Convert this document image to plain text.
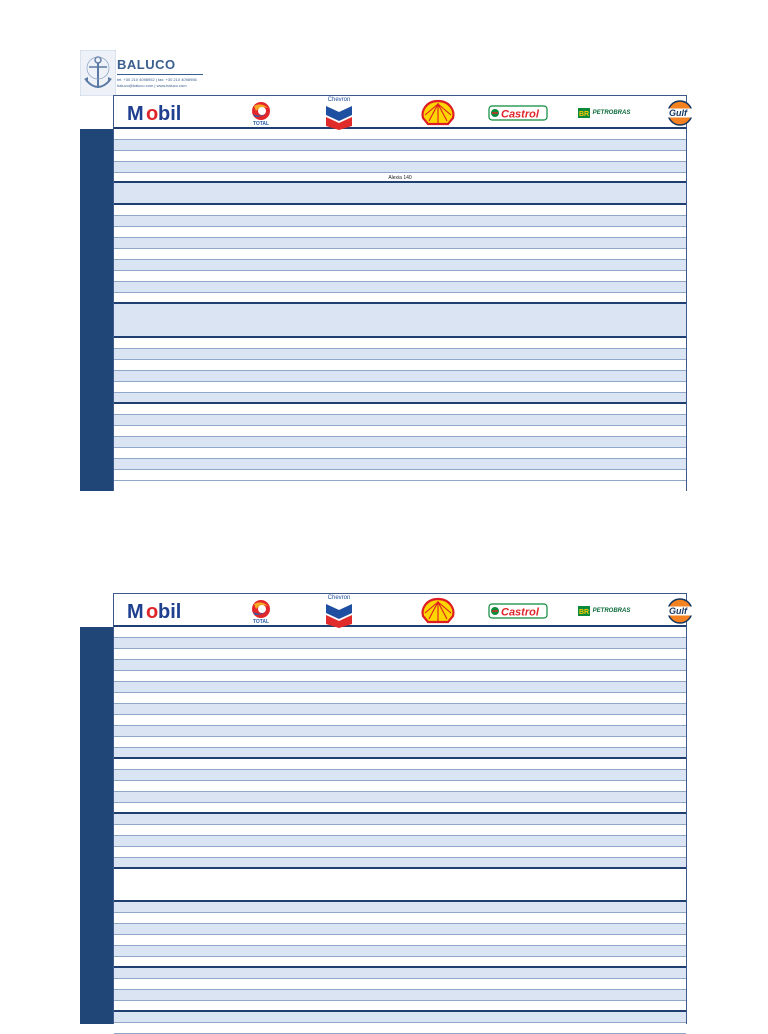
BALUCO
tel: +30 210 4098952 | fax: +30 210 4098956
baluco@baluco.com | www.baluco.com
M o bil	TOTAL
Chevron
Castrol	BR PETROBRAS	Gulf
Alexia 140
M o bil	TOTAL
Chevron
Castrol	BR PETROBRAS	Gulf
